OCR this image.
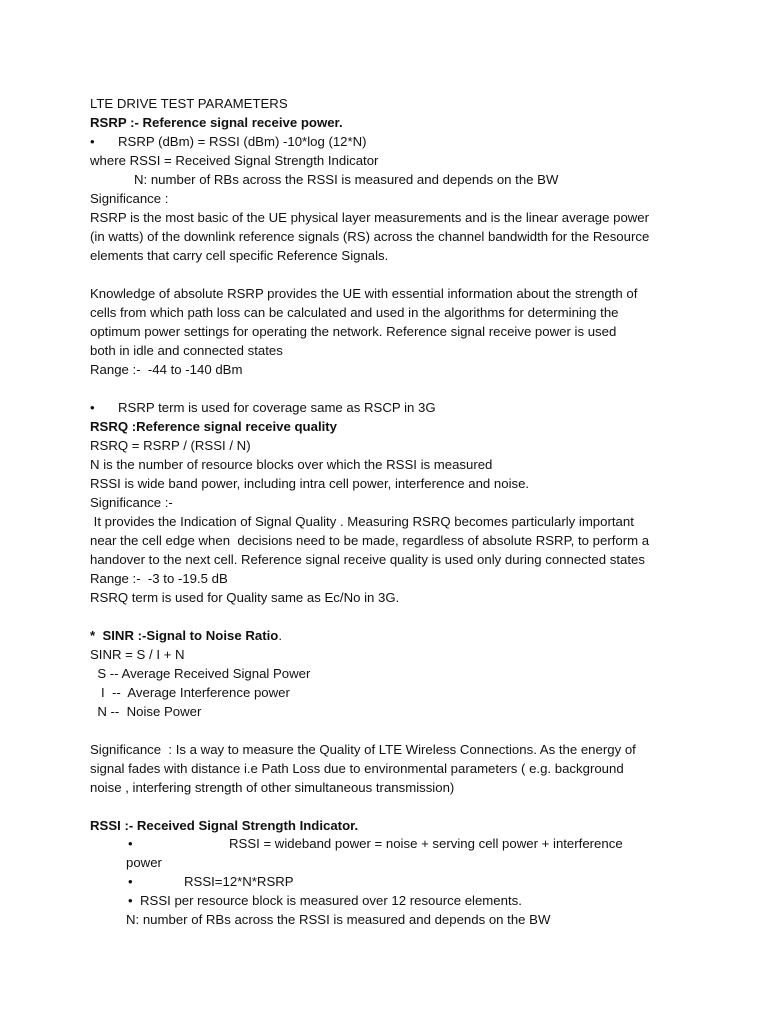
LTE DRIVE TEST PARAMETERS
RSRP :- Reference signal receive power.
• RSRP (dBm) = RSSI (dBm) -10*log (12*N)
where RSSI = Received Signal Strength Indicator
N: number of RBs across the RSSI is measured and depends on the BW
Significance :
RSRP is the most basic of the UE physical layer measurements and is the linear average power
(in watts) of the downlink reference signals (RS) across the channel bandwidth for the Resource
elements that carry cell specific Reference Signals.
Knowledge of absolute RSRP provides the UE with essential information about the strength of
cells from which path loss can be calculated and used in the algorithms for determining the
optimum power settings for operating the network. Reference signal receive power is used
both in idle and connected states
Range :-  -44 to -140 dBm
• RSRP term is used for coverage same as RSCP in 3G
RSRQ :Reference signal receive quality
RSRQ = RSRP / (RSSI / N)
N is the number of resource blocks over which the RSSI is measured
RSSI is wide band power, including intra cell power, interference and noise.
Significance :-
It provides the Indication of Signal Quality . Measuring RSRQ becomes particularly important
near the cell edge when  decisions need to be made, regardless of absolute RSRP, to perform a
handover to the next cell. Reference signal receive quality is used only during connected states
Range :-  -3 to -19.5 dB
RSRQ term is used for Quality same as Ec/No in 3G.
*  SINR :-Signal to Noise Ratio.
SINR = S / I + N
S -- Average Received Signal Power
I  --  Average Interference power
N --  Noise Power
Significance  : Is a way to measure the Quality of LTE Wireless Connections. As the energy of
signal fades with distance i.e Path Loss due to environmental parameters ( e.g. background
noise , interfering strength of other simultaneous transmission)
RSSI :- Received Signal Strength Indicator.
•	RSSI = wideband power = noise + serving cell power + interference
power
•	RSSI=12*N*RSRP
• RSSI per resource block is measured over 12 resource elements.
N: number of RBs across the RSSI is measured and depends on the BW
